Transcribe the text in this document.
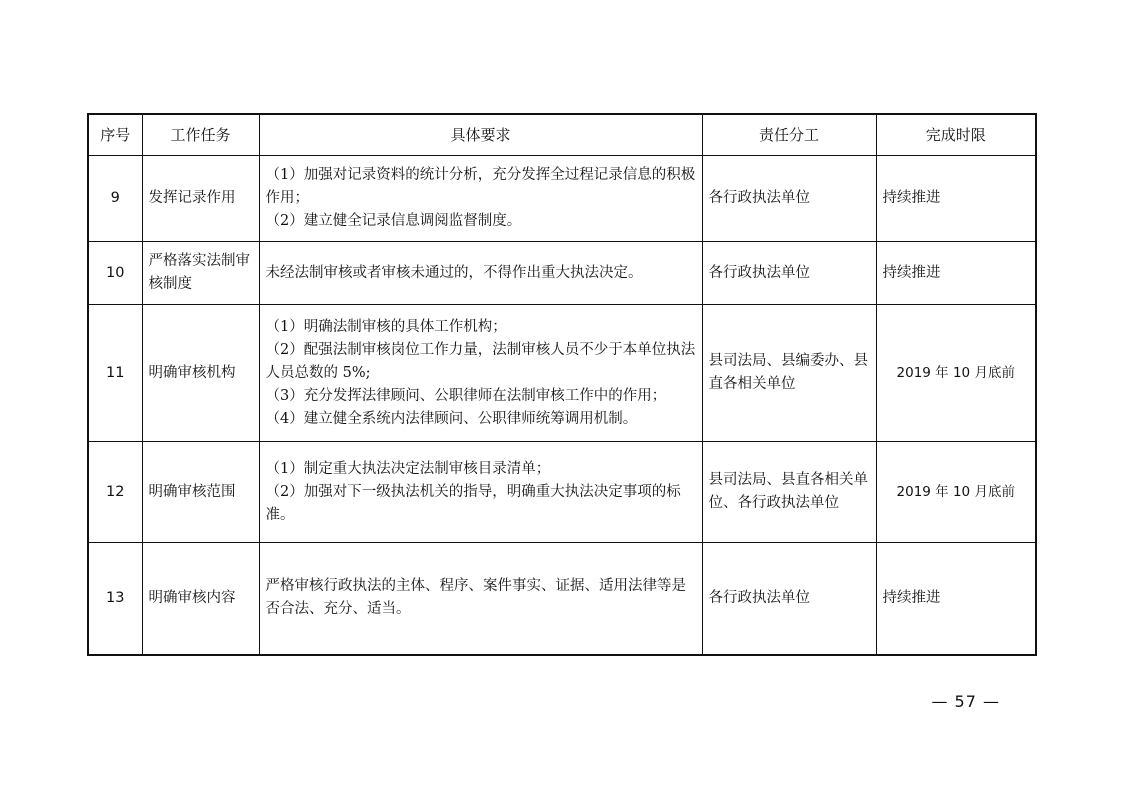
序号	工作任务	具体要求	责任分工	完成时限
9	发挥记录作用	（1）加强对记录资料的统计分析，充分发挥全过程记录信息的积极作用；
（2）建立健全记录信息调阅监督制度。	各行政执法单位	持续推进
10	严格落实法制审核制度	未经法制审核或者审核未通过的，不得作出重大执法决定。	各行政执法单位	持续推进
11	明确审核机构	（1）明确法制审核的具体工作机构；
（2）配强法制审核岗位工作力量，法制审核人员不少于本单位执法人员总数的 5%;
（3）充分发挥法律顾问、公职律师在法制审核工作中的作用；
（4）建立健全系统内法律顾问、公职律师统筹调用机制。	县司法局、县编委办、县直各相关单位	2019 年 10 月底前
12	明确审核范围	（1）制定重大执法决定法制审核目录清单；
（2）加强对下一级执法机关的指导，明确重大执法决定事项的标准。	县司法局、县直各相关单位、各行政执法单位	2019 年 10 月底前
13	明确审核内容	严格审核行政执法的主体、程序、案件事实、证据、适用法律等是否合法、充分、适当。	各行政执法单位	持续推进
— 57 —
